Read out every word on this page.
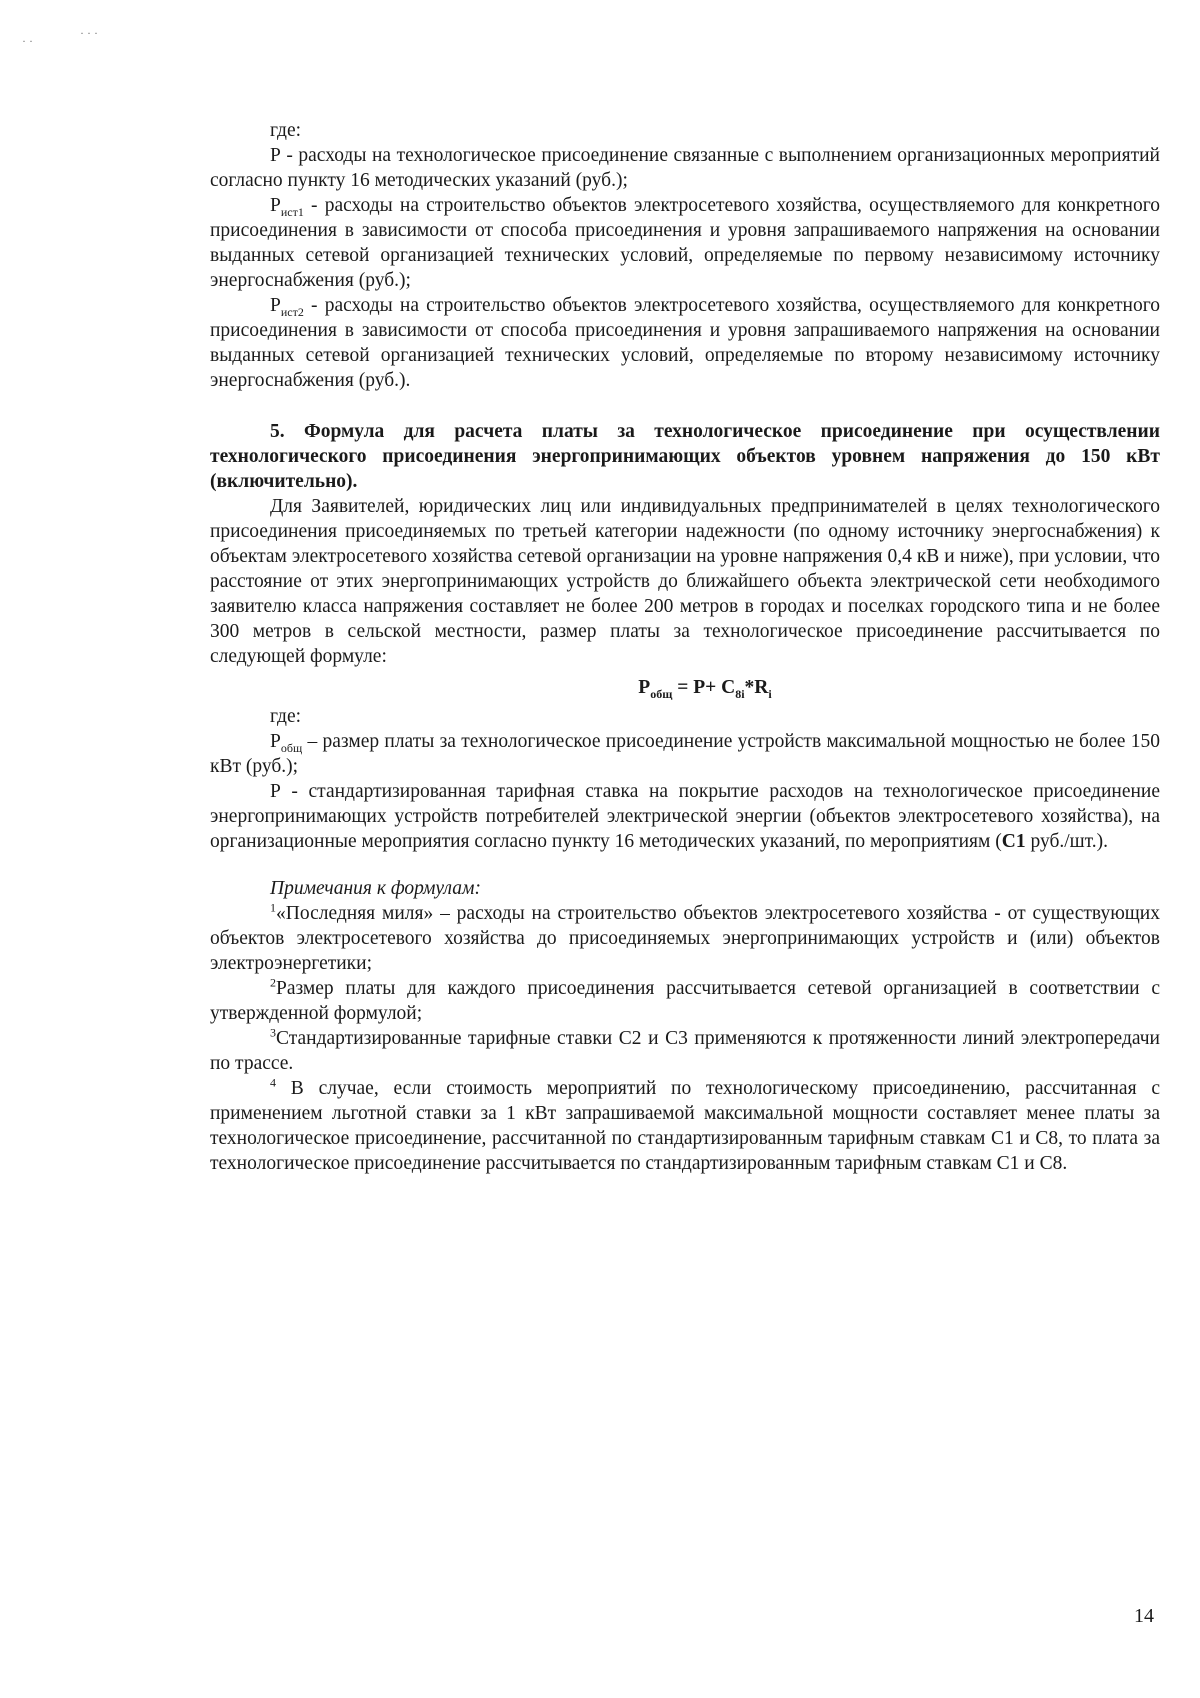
где:

Р - расходы на технологическое присоединение связанные с выполнением организационных мероприятий согласно пункту 16 методических указаний (руб.);

$Р_{ист1}$ - расходы на строительство объектов электросетевого хозяйства, осуществляемого для конкретного присоединения в зависимости от способа присоединения и уровня запрашиваемого напряжения на основании выданных сетевой организацией технических условий, определяемые по первому независимому источнику энергоснабжения (руб.);

$Р_{ист2}$ - расходы на строительство объектов электросетевого хозяйства, осуществляемого для конкретного присоединения в зависимости от способа присоединения и уровня запрашиваемого напряжения на основании выданных сетевой организацией технических условий, определяемые по второму независимому источнику энергоснабжения (руб.).

5. Формула для расчета платы за технологическое присоединение при осуществлении технологического присоединения энергопринимающих объектов уровнем напряжения до 150 кВт (включительно).

Для Заявителей, юридических лиц или индивидуальных предпринимателей в целях технологического присоединения присоединяемых по третьей категории надежности (по одному источнику энергоснабжения) к объектам электросетевого хозяйства сетевой организации на уровне напряжения 0,4 кВ и ниже), при условии, что расстояние от этих энергопринимающих устройств до ближайшего объекта электрической сети необходимого заявителю класса напряжения составляет не более 200 метров в городах и поселках городского типа и не более 300 метров в сельской местности, размер платы за технологическое присоединение рассчитывается по следующей формуле:

$Р_{общ} = Р+ С_{8i}*R_i$

где:

$Р_{общ}$ – размер платы за технологическое присоединение устройств максимальной мощностью не более 150 кВт (руб.);

Р - стандартизированная тарифная ставка на покрытие расходов на технологическое присоединение энергопринимающих устройств потребителей электрической энергии (объектов электросетевого хозяйства), на организационные мероприятия согласно пункту 16 методических указаний, по мероприятиям (С1 руб./шт.).

Примечания к формулам:

$^1$«Последняя миля» – расходы на строительство объектов электросетевого хозяйства - от существующих объектов электросетевого хозяйства до присоединяемых энергопринимающих устройств и (или) объектов электроэнергетики;

$^2$Размер платы для каждого присоединения рассчитывается сетевой организацией в соответствии с утвержденной формулой;

$^3$Стандартизированные тарифные ставки С2 и С3 применяются к протяженности линий электропередачи по трассе.

$^4$ В случае, если стоимость мероприятий по технологическому присоединению, рассчитанная с применением льготной ставки за 1 кВт запрашиваемой максимальной мощности составляет менее платы за технологическое присоединение, рассчитанной по стандартизированным тарифным ставкам С1 и С8, то плата за технологическое присоединение рассчитывается по стандартизированным тарифным ставкам С1 и С8.

14
· ·
· · ·
